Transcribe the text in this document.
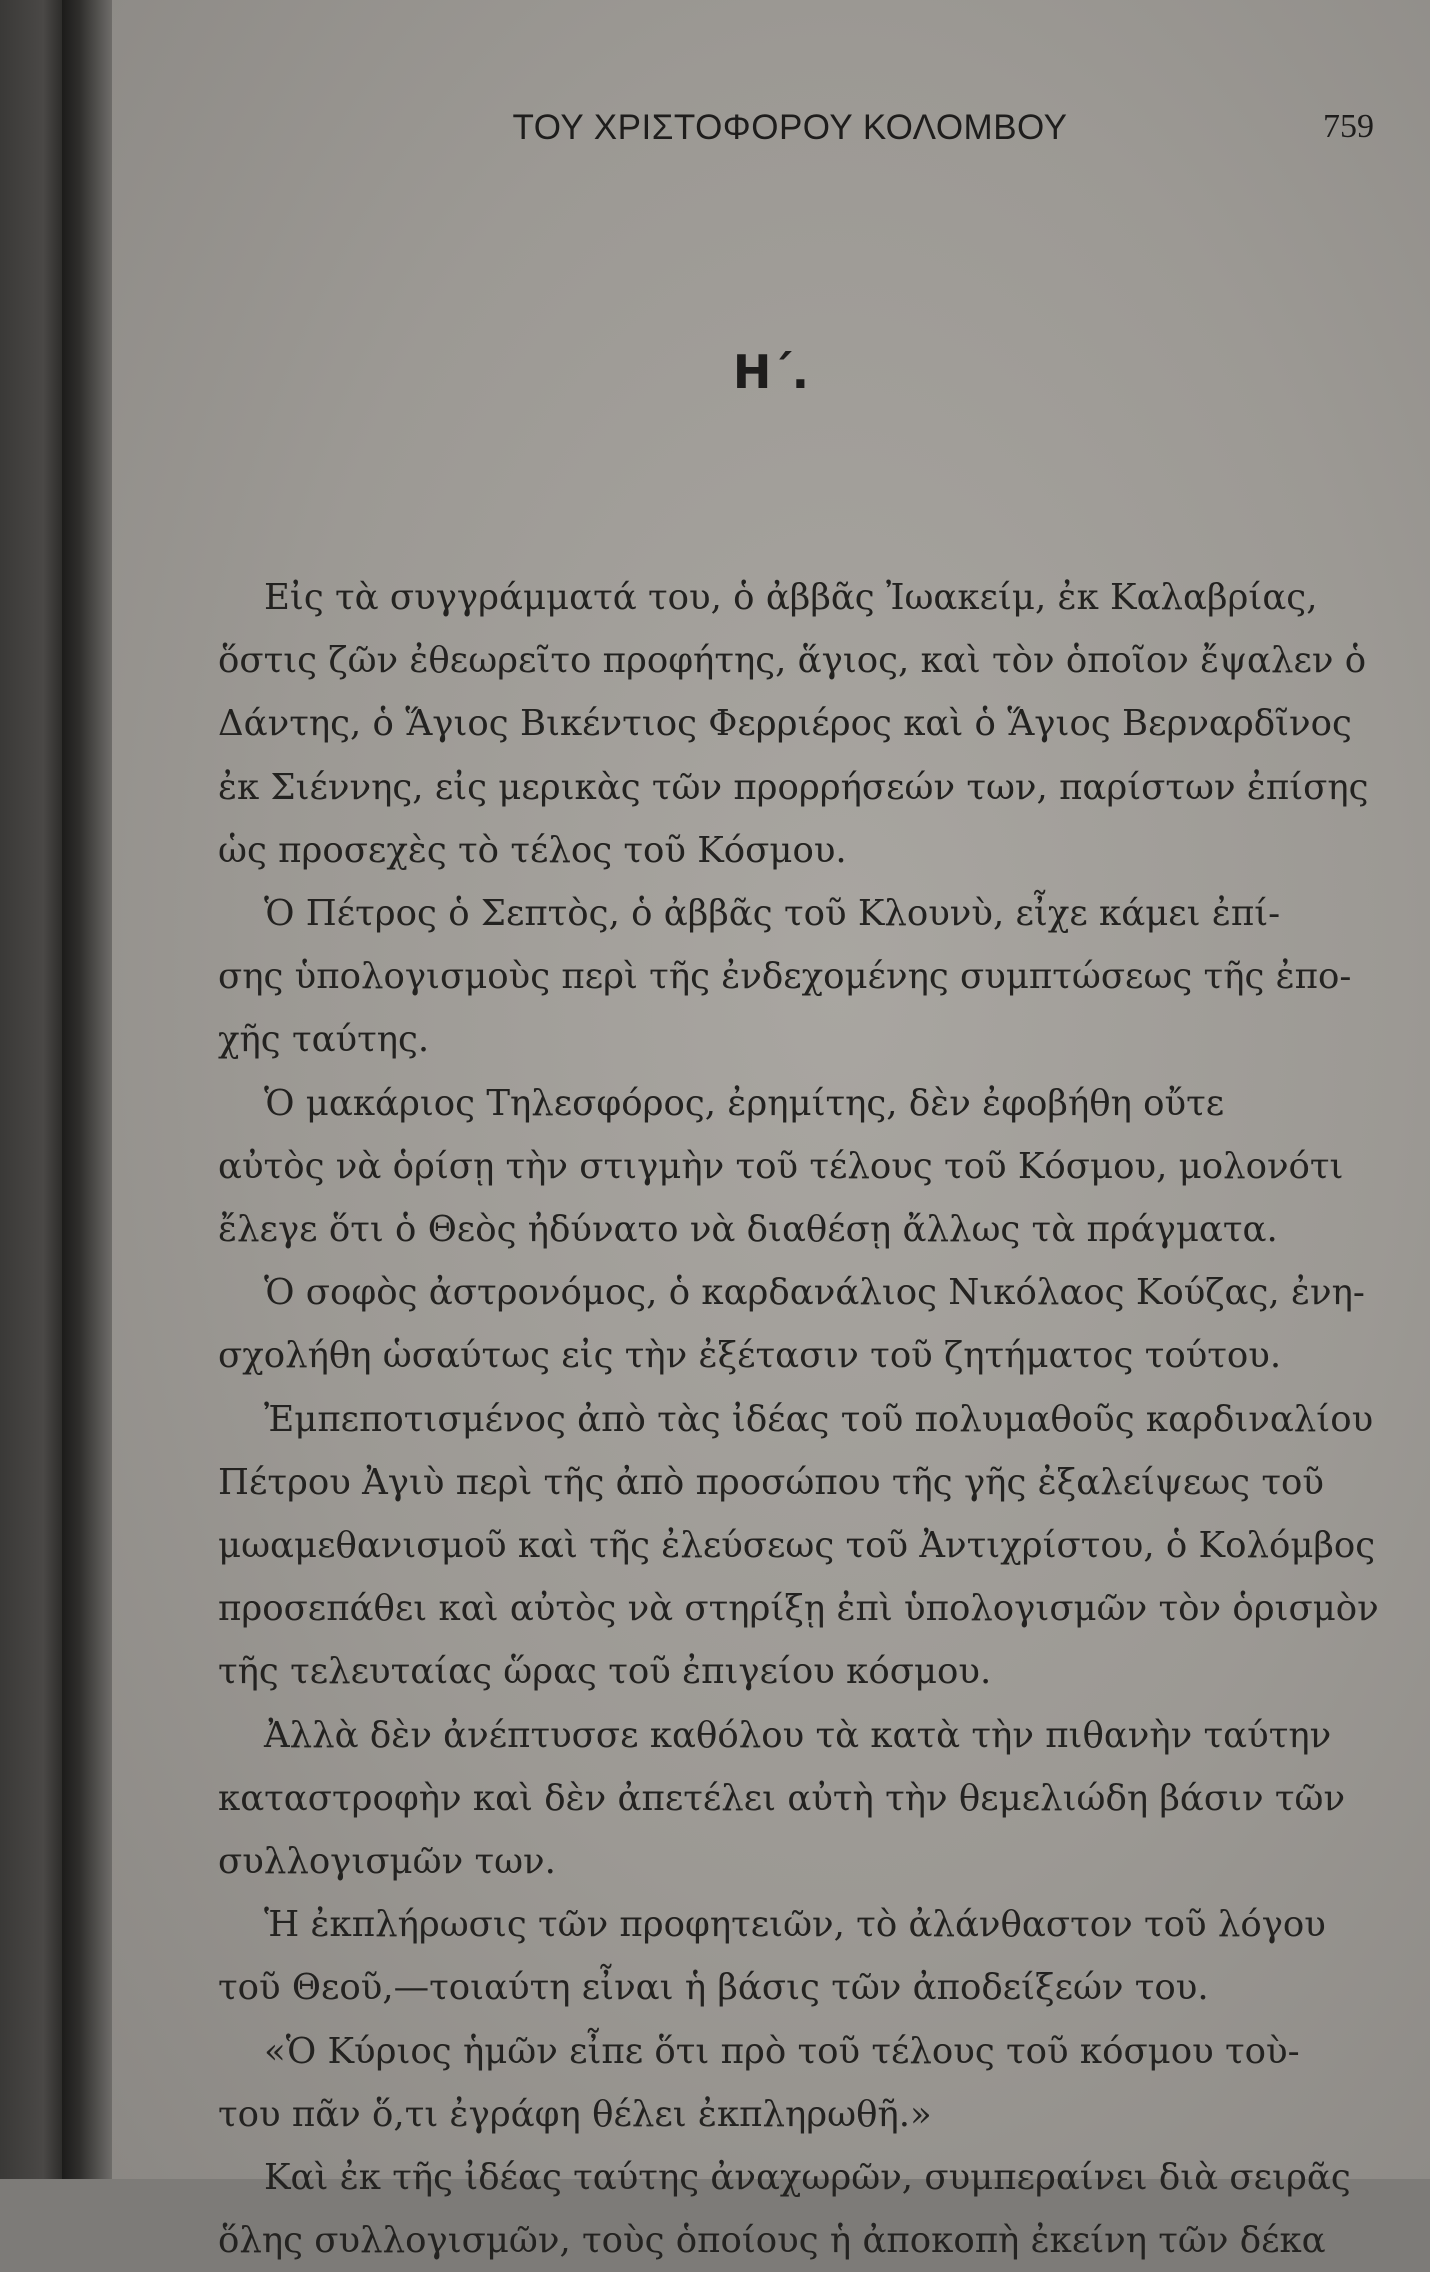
ΤΟΥ ΧΡΙΣΤΟΦΟΡΟΥ ΚΟΛΟΜΒΟΥ	759
Η΄.
Εἰς τὰ συγγράμματά του, ὁ ἀββᾶς Ἰωακείμ, ἐκ Καλαβρίας,
ὅστις ζῶν ἐθεωρεῖτο προφήτης, ἅγιος, καὶ τὸν ὁποῖον ἔψαλεν ὁ
Δάντης, ὁ Ἅγιος Βικέντιος Φερριέρος καὶ ὁ Ἅγιος Βερναρδῖνος
ἐκ Σιέννης, εἰς μερικὰς τῶν προρρήσεών των, παρίστων ἐπίσης
ὡς προσεχὲς τὸ τέλος τοῦ Κόσμου.
Ὁ Πέτρος ὁ Σεπτὸς, ὁ ἀββᾶς τοῦ Κλουνὺ, εἶχε κάμει ἐπί-
σης ὑπολογισμοὺς περὶ τῆς ἐνδεχομένης συμπτώσεως τῆς ἐπο-
χῆς ταύτης.
Ὁ μακάριος Τηλεσφόρος, ἐρημίτης, δὲν ἐφοβήθη οὔτε
αὐτὸς νὰ ὁρίσῃ τὴν στιγμὴν τοῦ τέλους τοῦ Κόσμου, μολονότι
ἔλεγε ὅτι ὁ Θεὸς ἠδύνατο νὰ διαθέσῃ ἄλλως τὰ πράγματα.
Ὁ σοφὸς ἀστρονόμος, ὁ καρδανάλιος Νικόλαος Κούζας, ἐνη-
σχολήθη ὡσαύτως εἰς τὴν ἐξέτασιν τοῦ ζητήματος τούτου.
Ἐμπεποτισμένος ἀπὸ τὰς ἰδέας τοῦ πολυμαθοῦς καρδιναλίου
Πέτρου Ἀγιὺ περὶ τῆς ἀπὸ προσώπου τῆς γῆς ἐξαλείψεως τοῦ
μωαμεθανισμοῦ καὶ τῆς ἐλεύσεως τοῦ Ἀντιχρίστου, ὁ Κολόμβος
προσεπάθει καὶ αὐτὸς νὰ στηρίξῃ ἐπὶ ὑπολογισμῶν τὸν ὁρισμὸν
τῆς τελευταίας ὥρας τοῦ ἐπιγείου κόσμου.
Ἀλλὰ δὲν ἀνέπτυσσε καθόλου τὰ κατὰ τὴν πιθανὴν ταύτην
καταστροφὴν καὶ δὲν ἀπετέλει αὐτὴ τὴν θεμελιώδη βάσιν τῶν
συλλογισμῶν των.
Ἡ ἐκπλήρωσις τῶν προφητειῶν, τὸ ἀλάνθαστον τοῦ λόγου
τοῦ Θεοῦ,—τοιαύτη εἶναι ἡ βάσις τῶν ἀποδείξεών του.
«Ὁ Κύριος ἡμῶν εἶπε ὅτι πρὸ τοῦ τέλους τοῦ κόσμου τοὺ-
του πᾶν ὅ,τι ἐγράφη θέλει ἐκπληρωθῆ.»
Καὶ ἐκ τῆς ἰδέας ταύτης ἀναχωρῶν, συμπεραίνει διὰ σειρᾶς
ὅλης συλλογισμῶν, τοὺς ὁποίους ἡ ἀποκοπὴ ἐκείνη τῶν δέκα
